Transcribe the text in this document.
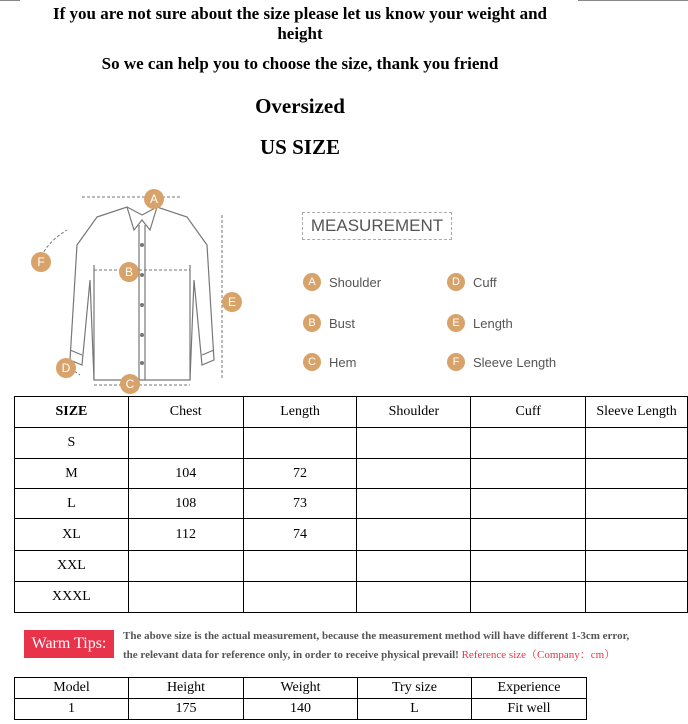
If you are not sure about the size please let us know your weight and
height
So we can help you to choose the size, thank you friend
Oversized
US SIZE
A
B
C
D
E
F
MEASUREMENT
A	Shoulder
B	Bust
C	Hem
D	Cuff
E	Length
F	Sleeve Length
SIZE	Chest	Length	Shoulder	Cuff	Sleeve Length
S					
M	104	72			
L	108	73			
XL	112	74			
XXL					
XXXL					
Warm Tips:	The above size is the actual measurement, because the measurement method will have different 1-3cm error,
the relevant data for reference only, in order to receive physical prevail! Reference size（Company：cm）
Model	Height	Weight	Try size	Experience
1	175	140	L	Fit well
